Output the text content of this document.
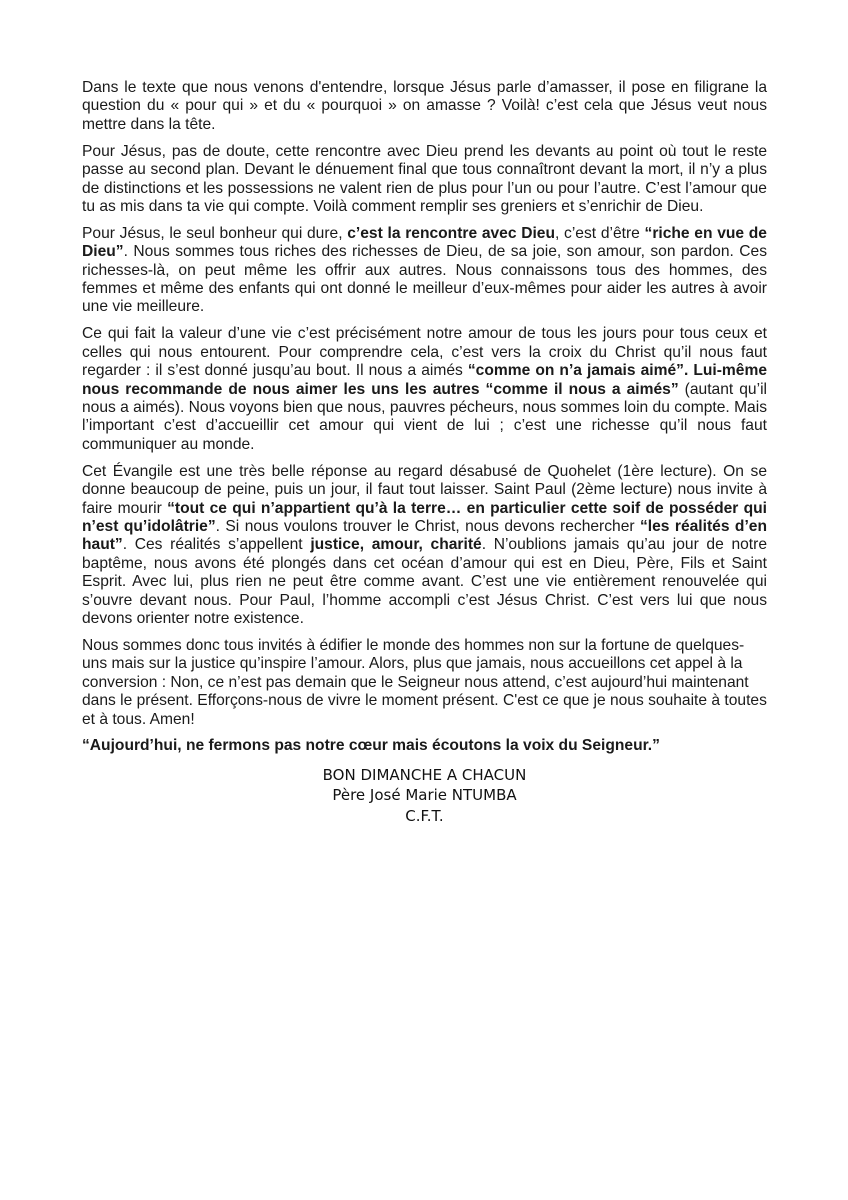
Dans le texte que nous venons d'entendre, lorsque Jésus parle d’amasser, il pose en filigrane la question du « pour qui » et du « pourquoi » on amasse ? Voilà! c’est cela que Jésus veut nous mettre dans la tête.

Pour Jésus, pas de doute, cette rencontre avec Dieu prend les devants au point où tout le reste passe au second plan. Devant le dénuement final que tous connaîtront devant la mort, il n’y a plus de distinctions et les possessions ne valent rien de plus pour l’un ou pour l’autre. C’est l’amour que tu as mis dans ta vie qui compte. Voilà comment remplir ses greniers et s’enrichir de Dieu.

Pour Jésus, le seul bonheur qui dure, c’est la rencontre avec Dieu, c’est d’être “riche en vue de Dieu”. Nous sommes tous riches des richesses de Dieu, de sa joie, son amour, son pardon. Ces richesses-là, on peut même les offrir aux autres. Nous connaissons tous des hommes, des femmes et même des enfants qui ont donné le meilleur d’eux-mêmes pour aider les autres à avoir une vie meilleure.

Ce qui fait la valeur d’une vie c’est précisément notre amour de tous les jours pour tous ceux et celles qui nous entourent. Pour comprendre cela, c’est vers la croix du Christ qu’il nous faut regarder : il s’est donné jusqu’au bout. Il nous a aimés “comme on n’a jamais aimé”. Lui-même nous recommande de nous aimer les uns les autres “comme il nous a aimés” (autant qu’il nous a aimés). Nous voyons bien que nous, pauvres pécheurs, nous sommes loin du compte. Mais l’important c’est d’accueillir cet amour qui vient de lui ; c’est une richesse qu’il nous faut communiquer au monde.

Cet Évangile est une très belle réponse au regard désabusé de Quohelet (1ère lecture). On se donne beaucoup de peine, puis un jour, il faut tout laisser. Saint Paul (2ème lecture) nous invite à faire mourir “tout ce qui n’appartient qu’à la terre… en particulier cette soif de posséder qui n’est qu’idolâtrie”. Si nous voulons trouver le Christ, nous devons rechercher “les réalités d’en haut”. Ces réalités s’appellent justice, amour, charité. N’oublions jamais qu’au jour de notre baptême, nous avons été plongés dans cet océan d’amour qui est en Dieu, Père, Fils et Saint Esprit. Avec lui, plus rien ne peut être comme avant. C’est une vie entièrement renouvelée qui s’ouvre devant nous. Pour Paul, l’homme accompli c’est Jésus Christ. C’est vers lui que nous devons orienter notre existence.

Nous sommes donc tous invités à édifier le monde des hommes non sur la fortune de quelques-uns mais sur la justice qu’inspire l’amour. Alors, plus que jamais, nous accueillons cet appel à la conversion : Non, ce n’est pas demain que le Seigneur nous attend, c’est aujourd’hui maintenant dans le présent. Efforçons-nous de vivre le moment présent. C'est ce que je nous souhaite à toutes et à tous. Amen!

“Aujourd’hui, ne fermons pas notre cœur mais écoutons la voix du Seigneur.”

BON DIMANCHE A CHACUN
Père José Marie NTUMBA
C.F.T.
